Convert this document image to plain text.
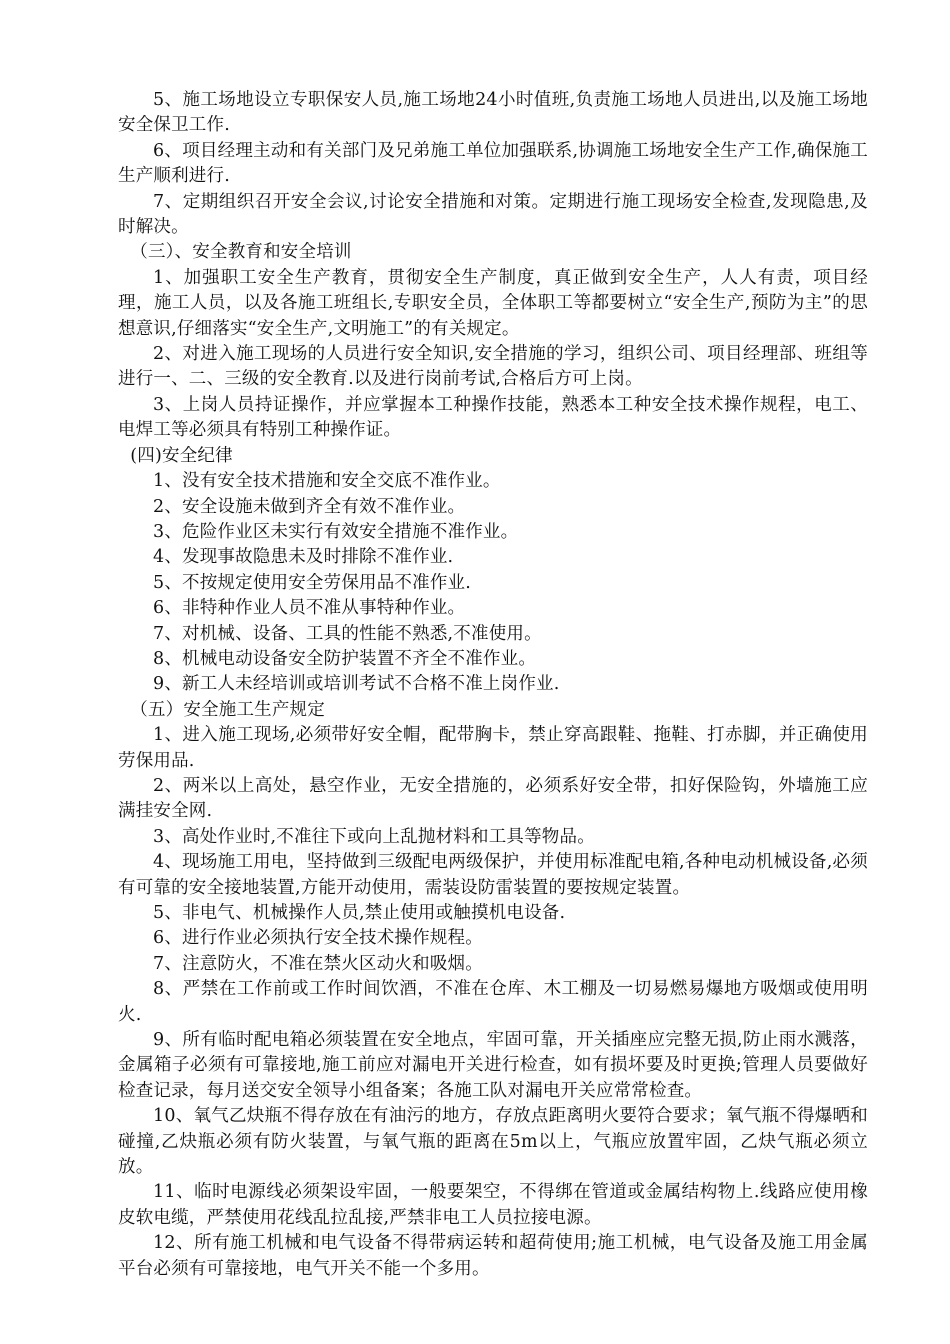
5、施工场地设立专职保安人员,施工场地24小时值班,负责施工场地人员进出,以及施工场地安全保卫工作.

6、项目经理主动和有关部门及兄弟施工单位加强联系,协调施工场地安全生产工作,确保施工生产顺利进行.

7、定期组织召开安全会议,讨论安全措施和对策。定期进行施工现场安全检查,发现隐患,及时解决。

（三）、安全教育和安全培训

1、加强职工安全生产教育，贯彻安全生产制度，真正做到安全生产，人人有责，项目经理，施工人员，以及各施工班组长,专职安全员，全体职工等都要树立“安全生产,预防为主”的思想意识,仔细落实“安全生产,文明施工”的有关规定。

2、对进入施工现场的人员进行安全知识,安全措施的学习，组织公司、项目经理部、班组等进行一、二、三级的安全教育.以及进行岗前考试,合格后方可上岗。

3、上岗人员持证操作，并应掌握本工种操作技能，熟悉本工种安全技术操作规程，电工、电焊工等必须具有特别工种操作证。

(四)安全纪律

1、没有安全技术措施和安全交底不准作业。

2、安全设施未做到齐全有效不准作业。

3、危险作业区未实行有效安全措施不准作业。

4、发现事故隐患未及时排除不准作业.

5、不按规定使用安全劳保用品不准作业.

6、非特种作业人员不准从事特种作业。

7、对机械、设备、工具的性能不熟悉,不准使用。

8、机械电动设备安全防护装置不齐全不准作业。

9、新工人未经培训或培训考试不合格不准上岗作业.

（五）安全施工生产规定

1、进入施工现场,必须带好安全帽，配带胸卡，禁止穿高跟鞋、拖鞋、打赤脚，并正确使用劳保用品.

2、两米以上高处，悬空作业，无安全措施的，必须系好安全带，扣好保险钩，外墙施工应满挂安全网.

3、高处作业时,不准往下或向上乱抛材料和工具等物品。

4、现场施工用电，坚持做到三级配电两级保护，并使用标准配电箱,各种电动机械设备,必须有可靠的安全接地装置,方能开动使用，需装设防雷装置的要按规定装置。

5、非电气、机械操作人员,禁止使用或触摸机电设备.

6、进行作业必须执行安全技术操作规程。

7、注意防火，不准在禁火区动火和吸烟。

8、严禁在工作前或工作时间饮酒，不准在仓库、木工棚及一切易燃易爆地方吸烟或使用明火.

9、所有临时配电箱必须装置在安全地点，牢固可靠，开关插座应完整无损,防止雨水溅落，金属箱子必须有可靠接地,施工前应对漏电开关进行检查，如有损坏要及时更换;管理人员要做好检查记录，每月送交安全领导小组备案；各施工队对漏电开关应常常检查。

10、氧气乙炔瓶不得存放在有油污的地方，存放点距离明火要符合要求；氧气瓶不得爆晒和碰撞,乙炔瓶必须有防火装置，与氧气瓶的距离在5m以上，气瓶应放置牢固，乙炔气瓶必须立放。

11、临时电源线必须架设牢固，一般要架空，不得绑在管道或金属结构物上.线路应使用橡皮软电缆，严禁使用花线乱拉乱接,严禁非电工人员拉接电源。

12、所有施工机械和电气设备不得带病运转和超荷使用;施工机械，电气设备及施工用金属平台必须有可靠接地，电气开关不能一个多用。
